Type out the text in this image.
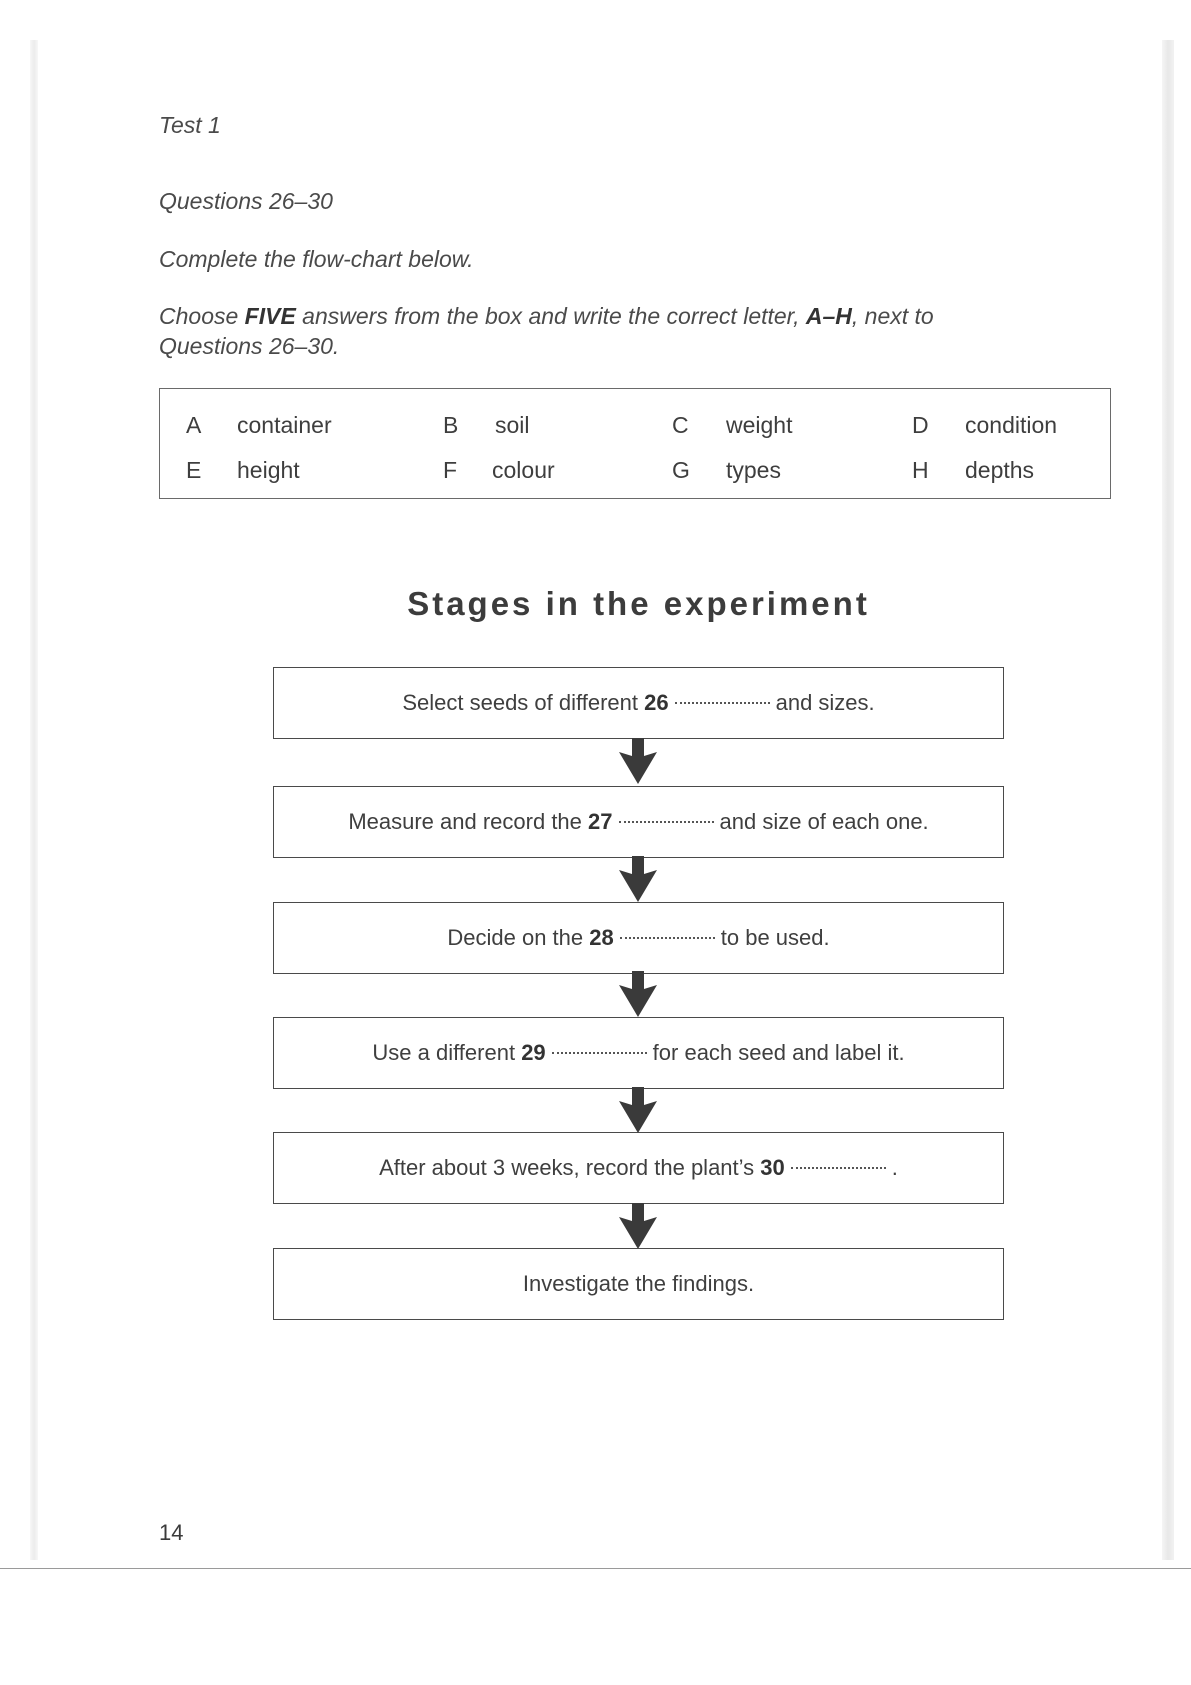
Test 1

Questions 26–30

Complete the flow-chart below.

Choose FIVE answers from the box and write the correct letter, A–H, next to

Questions 26–30.

A container	B soil	C weight	D condition
E height	F colour	G types	H depths
Stages in the experiment
Select seeds of different
26	and sizes.
Measure and record the
27	and size of each one.
Decide on the
28	to be used.
Use a different
29	for each seed and label it.
After about 3 weeks, record the plant’s
30	.
Investigate the findings.
14
